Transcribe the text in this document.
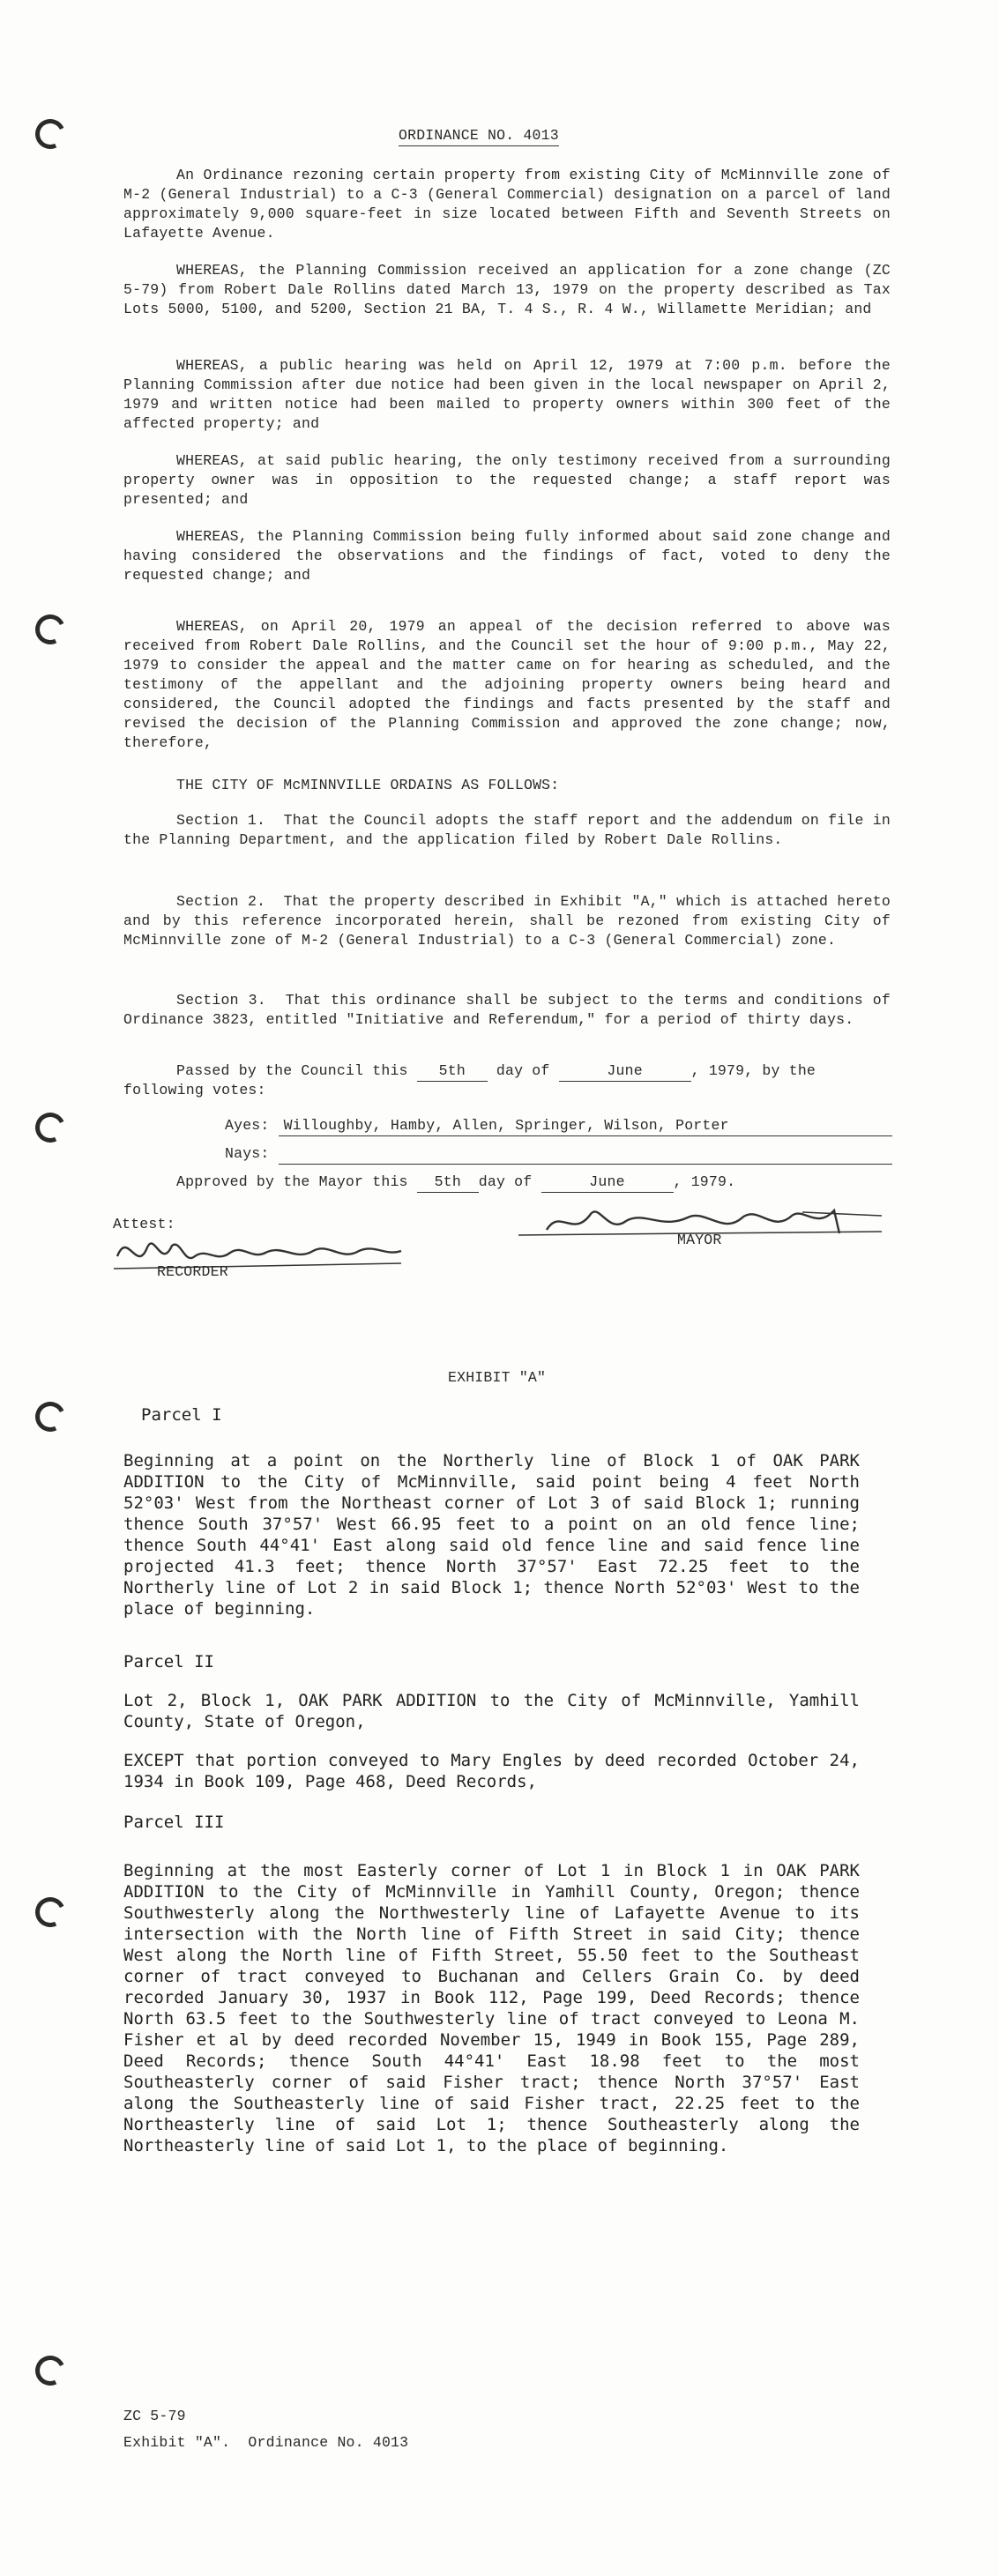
ORDINANCE NO. 4013

An Ordinance rezoning certain property from existing City of McMinnville zone of M-2 (General Industrial) to a C-3 (General Commercial) designation on a parcel of land approximately 9,000 square-feet in size located between Fifth and Seventh Streets on Lafayette Avenue.

WHEREAS, the Planning Commission received an application for a zone change (ZC 5-79) from Robert Dale Rollins dated March 13, 1979 on the property described as Tax Lots 5000, 5100, and 5200, Section 21 BA, T. 4 S., R. 4 W., Willamette Meridian; and

WHEREAS, a public hearing was held on April 12, 1979 at 7:00 p.m. before the Planning Commission after due notice had been given in the local newspaper on April 2, 1979 and written notice had been mailed to property owners within 300 feet of the affected property; and

WHEREAS, at said public hearing, the only testimony received from a surrounding property owner was in opposition to the requested change; a staff report was presented; and

WHEREAS, the Planning Commission being fully informed about said zone change and having considered the observations and the findings of fact, voted to deny the requested change; and

WHEREAS, on April 20, 1979 an appeal of the decision referred to above was received from Robert Dale Rollins, and the Council set the hour of 9:00 p.m., May 22, 1979 to consider the appeal and the matter came on for hearing as scheduled, and the testimony of the appellant and the adjoining property owners being heard and considered, the Council adopted the findings and facts presented by the staff and revised the decision of the Planning Commission and approved the zone change; now, therefore,

THE CITY OF McMINNVILLE ORDAINS AS FOLLOWS:

Section 1.  That the Council adopts the staff report and the addendum on file in the Planning Department, and the application filed by Robert Dale Rollins.

Section 2.  That the property described in Exhibit "A," which is attached hereto and by this reference incorporated herein, shall be rezoned from existing City of McMinnville zone of M-2 (General Industrial) to a C-3 (General Commercial) zone.

Section 3.  That this ordinance shall be subject to the terms and conditions of Ordinance 3823, entitled "Initiative and Referendum," for a period of thirty days.

Passed by the Council this 5th day of	June	, 1979, by the
following votes:
Ayes: Willoughby, Hamby, Allen, Springer, Wilson, Porter
Nays:
Approved by the Mayor this 5th day of	June	, 1979.
Attest:
RECORDER
MAYOR
EXHIBIT "A"
Parcel I

Beginning at a point on the Northerly line of Block 1 of OAK PARK ADDITION to the City of McMinnville, said point being 4 feet North 52°03' West from the Northeast corner of Lot 3 of said Block 1; running thence South 37°57' West 66.95 feet to a point on an old fence line; thence South 44°41' East along said old fence line and said fence line projected 41.3 feet; thence North 37°57' East 72.25 feet to the Northerly line of Lot 2 in said Block 1; thence North 52°03' West to the place of beginning.

Parcel II

Lot 2, Block 1, OAK PARK ADDITION to the City of McMinnville, Yamhill County, State of Oregon,

EXCEPT that portion conveyed to Mary Engles by deed recorded October 24, 1934 in Book 109, Page 468, Deed Records,

Parcel III

Beginning at the most Easterly corner of Lot 1 in Block 1 in OAK PARK ADDITION to the City of McMinnville in Yamhill County, Oregon; thence Southwesterly along the Northwesterly line of Lafayette Avenue to its intersection with the North line of Fifth Street in said City; thence West along the North line of Fifth Street, 55.50 feet to the Southeast corner of tract conveyed to Buchanan and Cellers Grain Co. by deed recorded January 30, 1937 in Book 112, Page 199, Deed Records; thence North 63.5 feet to the Southwesterly line of tract conveyed to Leona M. Fisher et al by deed recorded November 15, 1949 in Book 155, Page 289, Deed Records; thence South 44°41' East 18.98 feet to the most Southeasterly corner of said Fisher tract; thence North 37°57' East along the Southeasterly line of said Fisher tract, 22.25 feet to the Northeasterly line of said Lot 1; thence Southeasterly along the Northeasterly line of said Lot 1, to the place of beginning.

ZC 5-79
Exhibit "A".  Ordinance No. 4013
